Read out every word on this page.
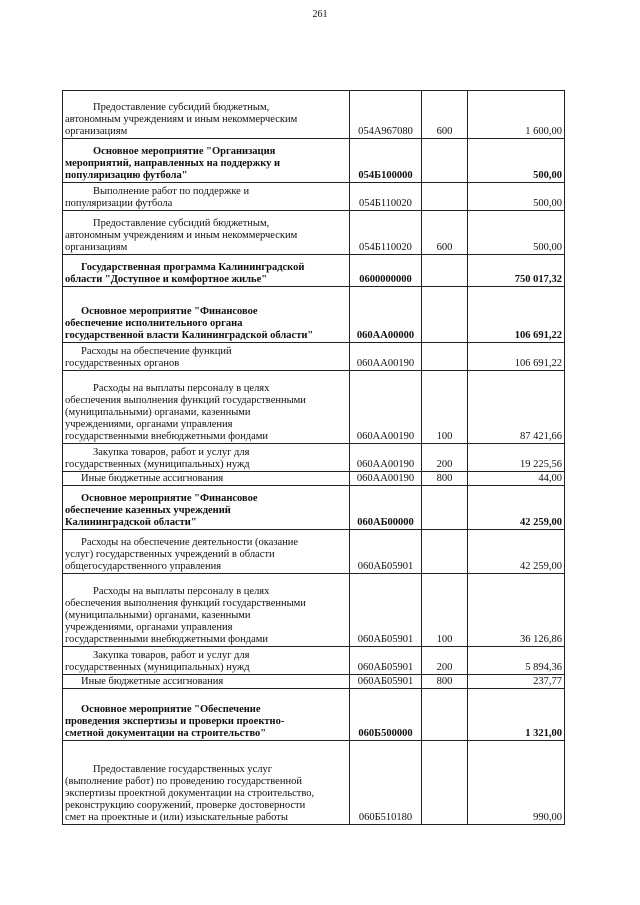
261
Предоставление субсидий бюджетным,
автономным учреждениям и иным некоммерческим
организациям	054А967080	600	1 600,00
Основное мероприятие "Организация
мероприятий, направленных на поддержку и
популяризацию футбола"	054Б100000		500,00
Выполнение работ по поддержке и
популяризации футбола	054Б110020		500,00
Предоставление субсидий бюджетным,
автономным учреждениям и иным некоммерческим
организациям	054Б110020	600	500,00
Государственная программа Калининградской
области "Доступное и комфортное жилье"	0600000000		750 017,32
Основное мероприятие "Финансовое
обеспечение исполнительного органа
государственной власти Калининградской области"	060АА00000		106 691,22
Расходы на обеспечение функций
государственных органов	060АА00190		106 691,22
Расходы на выплаты персоналу в целях
обеспечения выполнения функций государственными
(муниципальными) органами, казенными
учреждениями, органами управления
государственными внебюджетными фондами	060АА00190	100	87 421,66
Закупка товаров, работ и услуг для
государственных (муниципальных) нужд	060АА00190	200	19 225,56
Иные бюджетные ассигнования	060АА00190	800	44,00
Основное мероприятие "Финансовое
обеспечение казенных учреждений
Калининградской области"	060АБ00000		42 259,00
Расходы на обеспечение деятельности (оказание
услуг) государственных учреждений в области
общегосударственного управления	060АБ05901		42 259,00
Расходы на выплаты персоналу в целях
обеспечения выполнения функций государственными
(муниципальными) органами, казенными
учреждениями, органами управления
государственными внебюджетными фондами	060АБ05901	100	36 126,86
Закупка товаров, работ и услуг для
государственных (муниципальных) нужд	060АБ05901	200	5 894,36
Иные бюджетные ассигнования	060АБ05901	800	237,77
Основное мероприятие "Обеспечение
проведения экспертизы и проверки проектно-
сметной документации на строительство"	060Б500000		1 321,00
Предоставление государственных услуг
(выполнение работ) по проведению государственной
экспертизы проектной документации на строительство,
реконструкцию сооружений, проверке достоверности
смет на проектные и (или) изыскательные работы	060Б510180		990,00
